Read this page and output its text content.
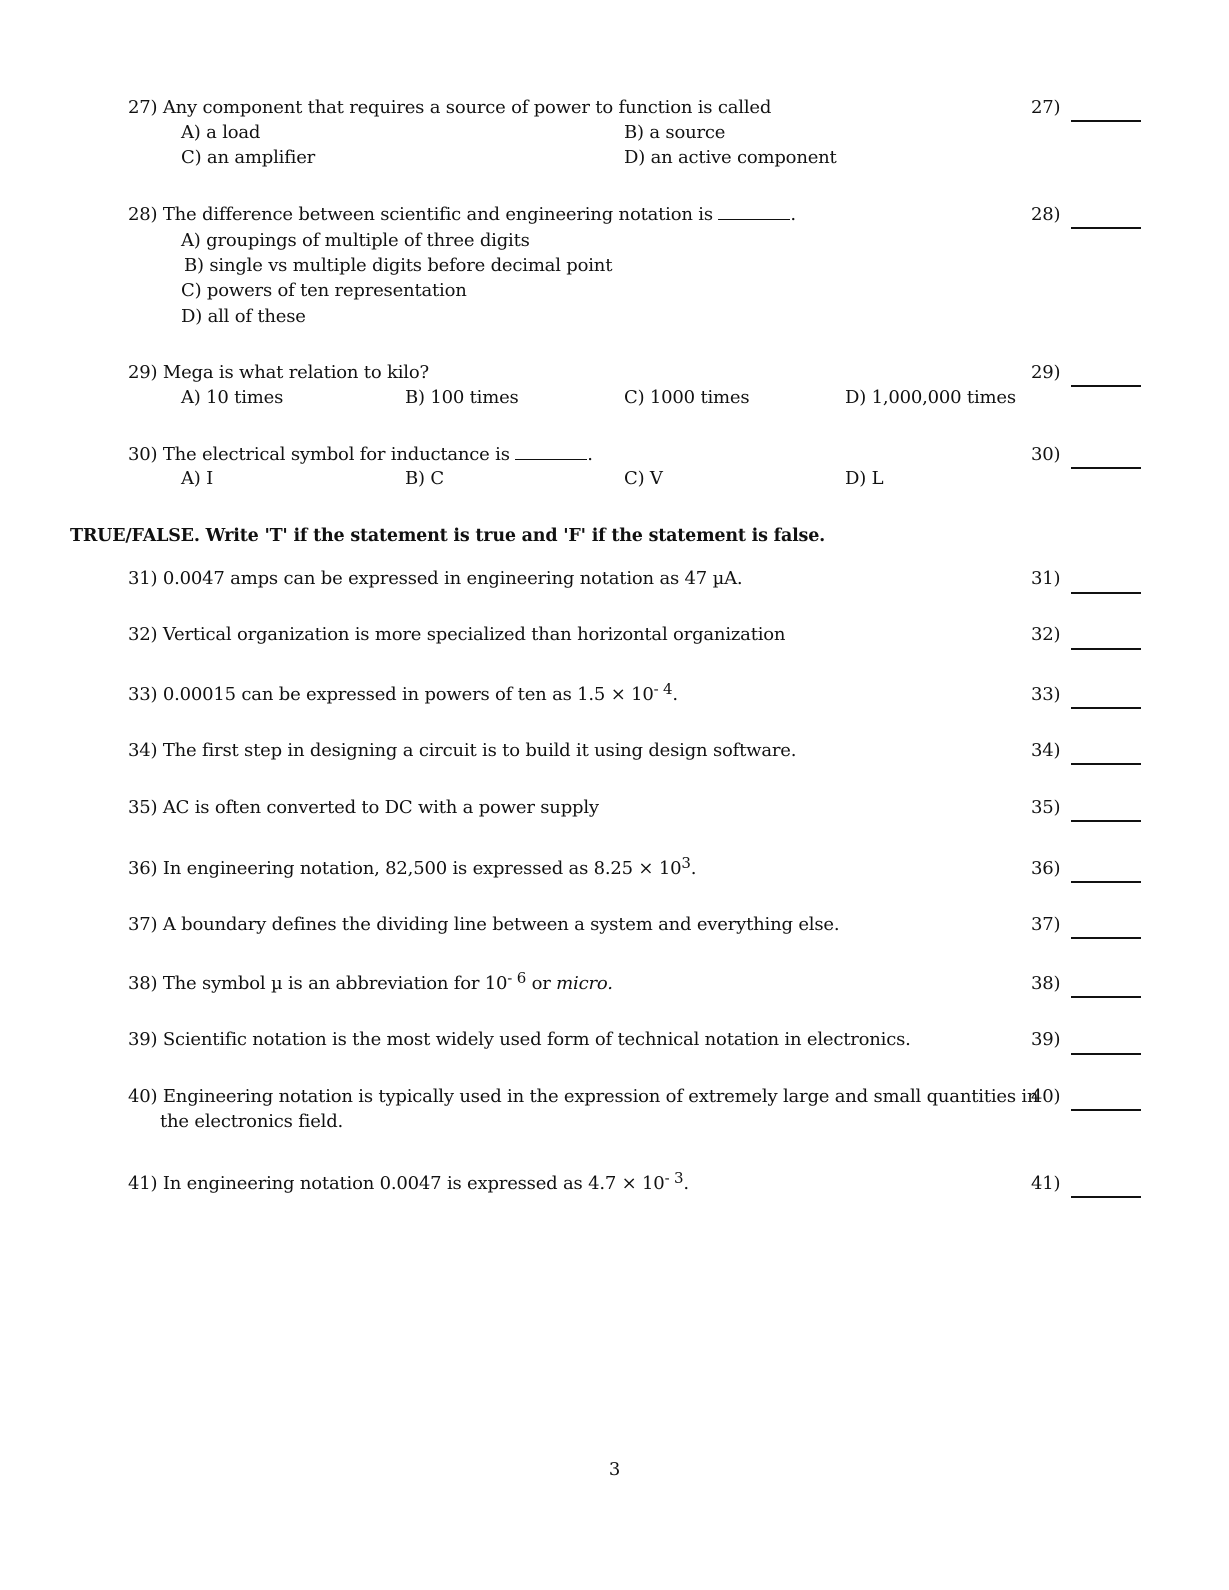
27) Any component that requires a source of power to function is called
A) a load	B) a source
C) an amplifier	D) an active component
27)
28) The difference between scientific and engineering notation is	.
A) groupings of multiple of three digits
B) single vs multiple digits before decimal point
C) powers of ten representation
D) all of these
28)
29) Mega is what relation to kilo?
A) 10 times	B) 100 times	C) 1000 times	D) 1,000,000 times
29)
30) The electrical symbol for inductance is	.
A) I	B) C	C) V	D) L
30)
TRUE/FALSE. Write 'T' if the statement is true and 'F' if the statement is false.
31) 0.0047 amps can be expressed in engineering notation as 47 µA.	31)
32) Vertical organization is more specialized than horizontal organization	32)
33) 0.00015 can be expressed in powers of ten as $1.5 \times 10^{- 4}$.	33)
34) The first step in designing a circuit is to build it using design software.	34)
35) AC is often converted to DC with a power supply	35)
36) In engineering notation, 82,500 is expressed as $8.25 \times 10^3$.	36)
37) A boundary defines the dividing line between a system and everything else.	37)
38) The symbol µ is an abbreviation for $10^{- 6}$ or micro.	38)
39) Scientific notation is the most widely used form of technical notation in electronics.	39)
40) Engineering notation is typically used in the expression of extremely large and small quantities in
the electronics field.
40)
41) In engineering notation 0.0047 is expressed as $4.7 \times 10^{- 3}$.	41)
3
